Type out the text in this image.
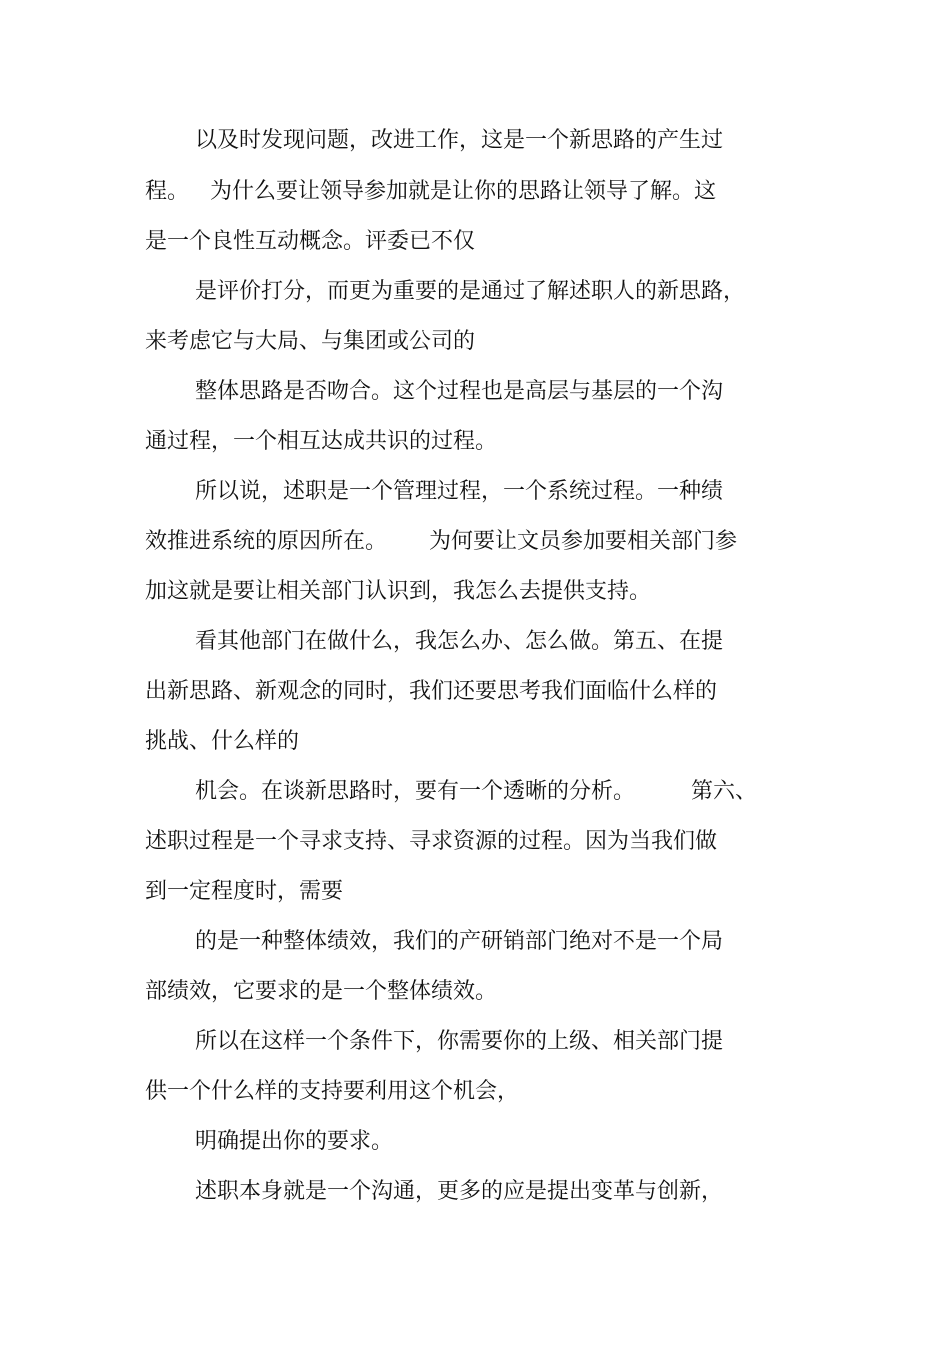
以及时发现问题，改进工作，这是一个新思路的产生过

程。   为什么要让领导参加就是让你的思路让领导了解。这

是一个良性互动概念。评委已不仅

是评价打分，而更为重要的是通过了解述职人的新思路，

来考虑它与大局、与集团或公司的

整体思路是否吻合。这个过程也是高层与基层的一个沟

通过程，一个相互达成共识的过程。

所以说，述职是一个管理过程，一个系统过程。一种绩

效推进系统的原因所在。      为何要让文员参加要相关部门参

加这就是要让相关部门认识到，我怎么去提供支持。

看其他部门在做什么，我怎么办、怎么做。第五、在提

出新思路、新观念的同时，我们还要思考我们面临什么样的

挑战、什么样的

机会。在谈新思路时，要有一个透晰的分析。        第六、

述职过程是一个寻求支持、寻求资源的过程。因为当我们做

到一定程度时，需要

的是一种整体绩效，我们的产研销部门绝对不是一个局

部绩效，它要求的是一个整体绩效。

所以在这样一个条件下，你需要你的上级、相关部门提

供一个什么样的支持要利用这个机会，

明确提出你的要求。

述职本身就是一个沟通，更多的应是提出变革与创新，
